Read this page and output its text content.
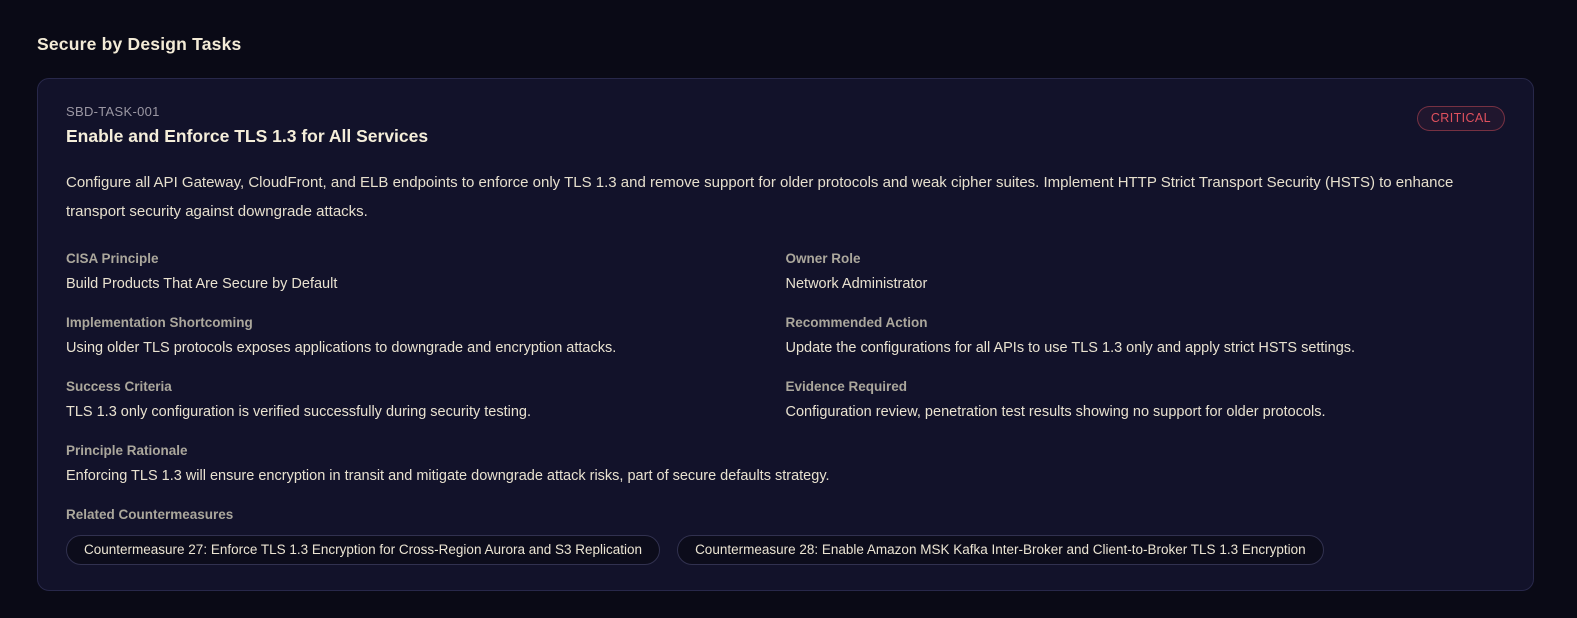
Secure by Design Tasks
SBD-TASK-001
Enable and Enforce TLS 1.3 for All Services
CRITICAL

Configure all API Gateway, CloudFront, and ELB endpoints to enforce only TLS 1.3 and remove support for older protocols and weak cipher suites. Implement HTTP Strict Transport Security (HSTS) to enhance transport security against downgrade attacks.

CISA Principle
Build Products That Are Secure by Default
Owner Role
Network Administrator
Implementation Shortcoming
Using older TLS protocols exposes applications to downgrade and encryption attacks.
Recommended Action
Update the configurations for all APIs to use TLS 1.3 only and apply strict HSTS settings.
Success Criteria
TLS 1.3 only configuration is verified successfully during security testing.
Evidence Required
Configuration review, penetration test results showing no support for older protocols.
Principle Rationale
Enforcing TLS 1.3 will ensure encryption in transit and mitigate downgrade attack risks, part of secure defaults strategy.
Related Countermeasures
Countermeasure 27: Enforce TLS 1.3 Encryption for Cross-Region Aurora and S3 Replication	Countermeasure 28: Enable Amazon MSK Kafka Inter-Broker and Client-to-Broker TLS 1.3 Encryption
